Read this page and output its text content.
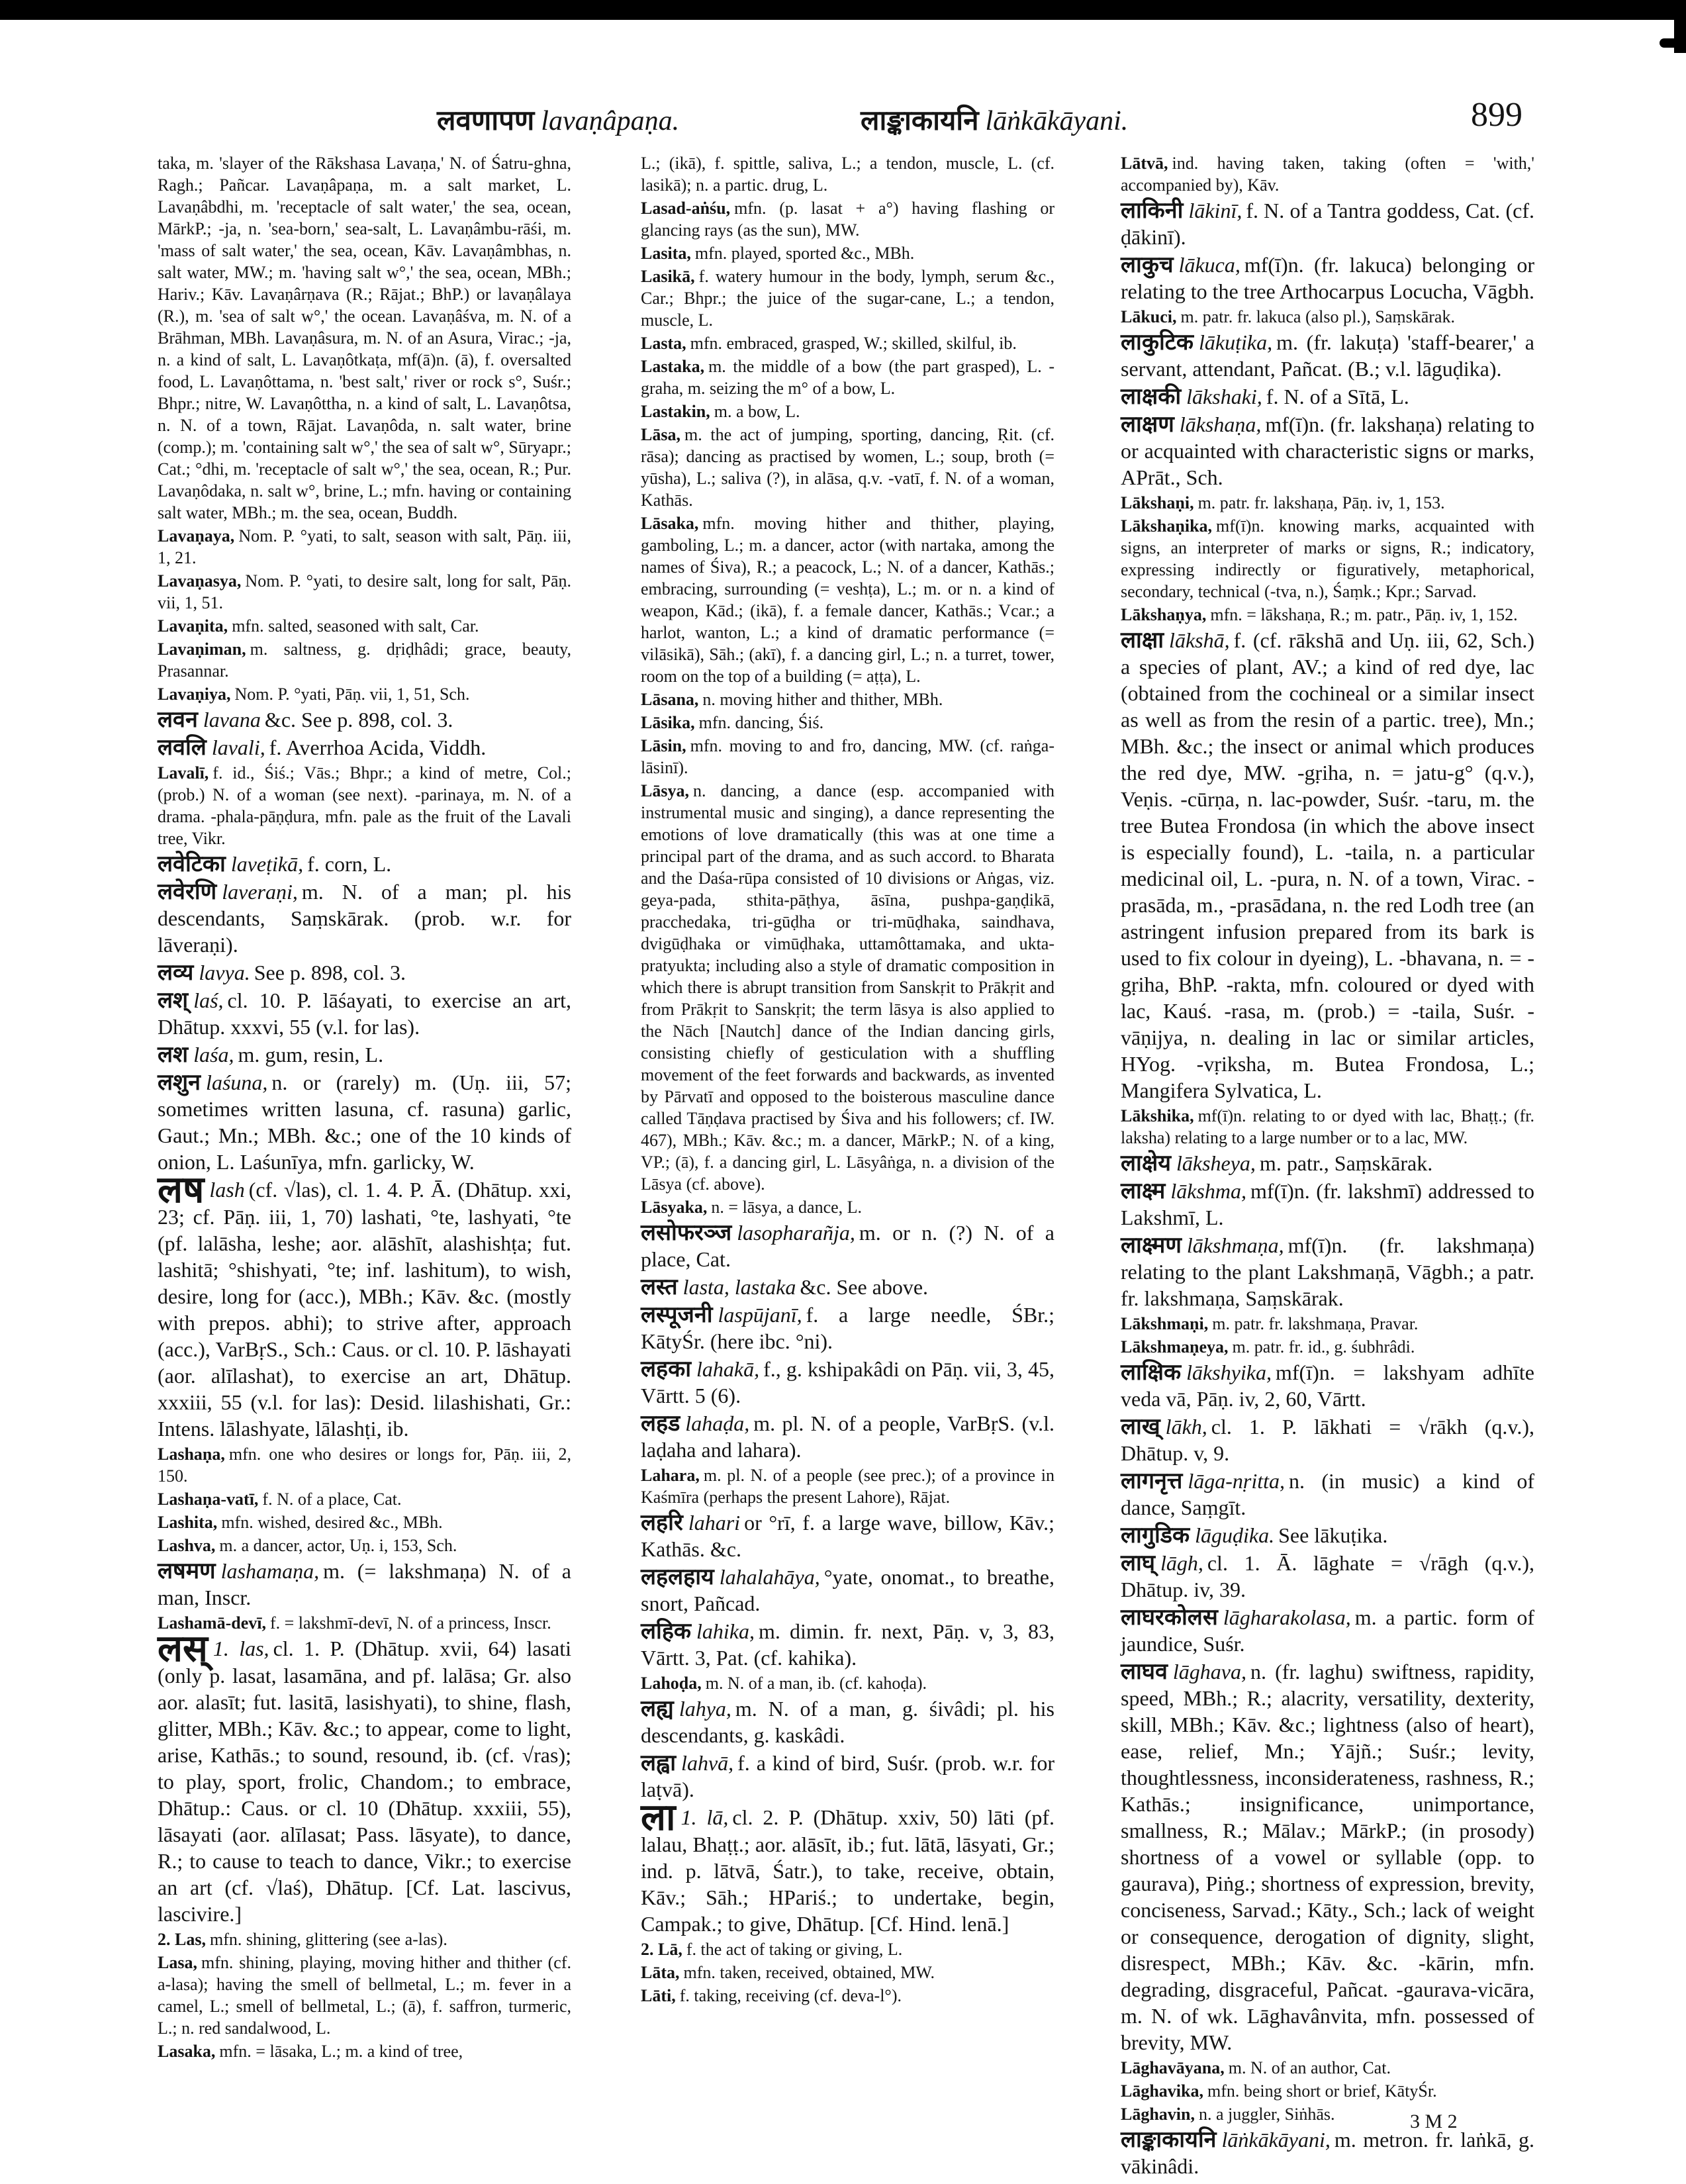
लवणापण lavaṇâpaṇa.	लाङ्काकायनि lāṅkākāyani.	899

taka, m. 'slayer of the Rākshasa Lavaṇa,' N. of Śatru-ghna, Ragh.; Pañcar. Lavaṇâpaṇa, m. a salt market, L. Lavaṇâbdhi, m. 'receptacle of salt water,' the sea, ocean, MārkP.; -ja, n. 'sea-born,' sea-salt, L. Lavaṇâmbu-rāśi, m. 'mass of salt water,' the sea, ocean, Kāv. Lavaṇâmbhas, n. salt water, MW.; m. 'having salt w°,' the sea, ocean, MBh.; Hariv.; Kāv. Lavaṇârṇava (R.; Rājat.; BhP.) or lavaṇâlaya (R.), m. 'sea of salt w°,' the ocean. Lavaṇâśva, m. N. of a Brāhman, MBh. Lavaṇâsura, m. N. of an Asura, Virac.; -ja, n. a kind of salt, L. Lavaṇôtkaṭa, mf(ā)n. (ā), f. oversalted food, L. Lavaṇôttama, n. 'best salt,' river or rock s°, Suśr.; Bhpr.; nitre, W. Lavaṇôttha, n. a kind of salt, L. Lavaṇôtsa, n. N. of a town, Rājat. Lavaṇôda, n. salt water, brine (comp.); m. 'containing salt w°,' the sea of salt w°, Sūryapr.; Cat.; °dhi, m. 'receptacle of salt w°,' the sea, ocean, R.; Pur. Lavaṇôdaka, n. salt w°, brine, L.; mfn. having or containing salt water, MBh.; m. the sea, ocean, Buddh.

Lavaṇaya, Nom. P. °yati, to salt, season with salt, Pāṇ. iii, 1, 21.

Lavaṇasya, Nom. P. °yati, to desire salt, long for salt, Pāṇ. vii, 1, 51.

Lavaṇita, mfn. salted, seasoned with salt, Car.

Lavaṇiman, m. saltness, g. dṛiḍhâdi; grace, beauty, Prasannar.

Lavaṇiya, Nom. P. °yati, Pāṇ. vii, 1, 51, Sch.

लवन lavana &c. See p. 898, col. 3.

लवलि lavali, f. Averrhoa Acida, Viddh.

Lavalī, f. id., Śiś.; Vās.; Bhpr.; a kind of metre, Col.; (prob.) N. of a woman (see next). -parinaya, m. N. of a drama. -phala-pāṇḍura, mfn. pale as the fruit of the Lavali tree, Vikr.

लवेटिका laveṭikā, f. corn, L.

लवेरणि laveraṇi, m. N. of a man; pl. his descendants, Saṃskārak. (prob. w.r. for lāveraṇi).

लव्य lavya. See p. 898, col. 3.

लश् laś, cl. 10. P. lāśayati, to exercise an art, Dhātup. xxxvi, 55 (v.l. for las).

लश laśa, m. gum, resin, L.

लशुन laśuna, n. or (rarely) m. (Uṇ. iii, 57; sometimes written lasuna, cf. rasuna) garlic, Gaut.; Mn.; MBh. &c.; one of the 10 kinds of onion, L. Laśunīya, mfn. garlicky, W.

लष lash (cf. √las), cl. 1. 4. P. Ā. (Dhātup. xxi, 23; cf. Pāṇ. iii, 1, 70) lashati, °te, lashyati, °te (pf. lalāsha, leshe; aor. alāshīt, alashishṭa; fut. lashitā; °shishyati, °te; inf. lashitum), to wish, desire, long for (acc.), MBh.; Kāv. &c. (mostly with prepos. abhi); to strive after, approach (acc.), VarBṛS., Sch.: Caus. or cl. 10. P. lāshayati (aor. alīlashat), to exercise an art, Dhātup. xxxiii, 55 (v.l. for las): Desid. lilashishati, Gr.: Intens. lālashyate, lālashṭi, ib.

Lashaṇa, mfn. one who desires or longs for, Pāṇ. iii, 2, 150.

Lashaṇa-vatī, f. N. of a place, Cat.

Lashita, mfn. wished, desired &c., MBh.

Lashva, m. a dancer, actor, Uṇ. i, 153, Sch.

लषमण lashamaṇa, m. (= lakshmaṇa) N. of a man, Inscr.

Lashamā-devī, f. = lakshmī-devī, N. of a princess, Inscr.

लस् 1. las, cl. 1. P. (Dhātup. xvii, 64) lasati (only p. lasat, lasamāna, and pf. lalāsa; Gr. also aor. alasīt; fut. lasitā, lasishyati), to shine, flash, glitter, MBh.; Kāv. &c.; to appear, come to light, arise, Kathās.; to sound, resound, ib. (cf. √ras); to play, sport, frolic, Chandom.; to embrace, Dhātup.: Caus. or cl. 10 (Dhātup. xxxiii, 55), lāsayati (aor. alīlasat; Pass. lāsyate), to dance, R.; to cause to teach to dance, Vikr.; to exercise an art (cf. √laś), Dhātup. [Cf. Lat. lascivus, lascivire.]

2. Las, mfn. shining, glittering (see a-las).

Lasa, mfn. shining, playing, moving hither and thither (cf. a-lasa); having the smell of bellmetal, L.; m. fever in a camel, L.; smell of bellmetal, L.; (ā), f. saffron, turmeric, L.; n. red sandalwood, L.

Lasaka, mfn. = lāsaka, L.; m. a kind of tree,

L.; (ikā), f. spittle, saliva, L.; a tendon, muscle, L. (cf. lasikā); n. a partic. drug, L.

Lasad-aṅśu, mfn. (p. lasat + a°) having flashing or glancing rays (as the sun), MW.

Lasita, mfn. played, sported &c., MBh.

Lasikā, f. watery humour in the body, lymph, serum &c., Car.; Bhpr.; the juice of the sugar-cane, L.; a tendon, muscle, L.

Lasta, mfn. embraced, grasped, W.; skilled, skilful, ib.

Lastaka, m. the middle of a bow (the part grasped), L. -graha, m. seizing the m° of a bow, L.

Lastakin, m. a bow, L.

Lāsa, m. the act of jumping, sporting, dancing, Ṛit. (cf. rāsa); dancing as practised by women, L.; soup, broth (= yūsha), L.; saliva (?), in alāsa, q.v. -vatī, f. N. of a woman, Kathās.

Lāsaka, mfn. moving hither and thither, playing, gamboling, L.; m. a dancer, actor (with nartaka, among the names of Śiva), R.; a peacock, L.; N. of a dancer, Kathās.; embracing, surrounding (= veshṭa), L.; m. or n. a kind of weapon, Kād.; (ikā), f. a female dancer, Kathās.; Vcar.; a harlot, wanton, L.; a kind of dramatic performance (= vilāsikā), Sāh.; (akī), f. a dancing girl, L.; n. a turret, tower, room on the top of a building (= aṭṭa), L.

Lāsana, n. moving hither and thither, MBh.

Lāsika, mfn. dancing, Śiś.

Lāsin, mfn. moving to and fro, dancing, MW. (cf. raṅga-lāsinī).

Lāsya, n. dancing, a dance (esp. accompanied with instrumental music and singing), a dance representing the emotions of love dramatically (this was at one time a principal part of the drama, and as such accord. to Bharata and the Daśa-rūpa consisted of 10 divisions or Aṅgas, viz. geya-pada, sthita-pāṭhya, āsīna, pushpa-gaṇḍikā, pracchedaka, tri-gūḍha or tri-mūḍhaka, saindhava, dvigūḍhaka or vimūḍhaka, uttamôttamaka, and ukta-pratyukta; including also a style of dramatic composition in which there is abrupt transition from Sanskṛit to Prākṛit and from Prākṛit to Sanskṛit; the term lāsya is also applied to the Nāch [Nautch] dance of the Indian dancing girls, consisting chiefly of gesticulation with a shuffling movement of the feet forwards and backwards, as invented by Pārvatī and opposed to the boisterous masculine dance called Tāṇḍava practised by Śiva and his followers; cf. IW. 467), MBh.; Kāv. &c.; m. a dancer, MārkP.; N. of a king, VP.; (ā), f. a dancing girl, L. Lāsyâṅga, n. a division of the Lāsya (cf. above).

Lāsyaka, n. = lāsya, a dance, L.

लसोफरञ्ज lasopharañja, m. or n. (?) N. of a place, Cat.

लस्त lasta, lastaka &c. See above.

लस्पूजनी laspūjanī, f. a large needle, ŚBr.; KātyŚr. (here ibc. °ni).

लहका lahakā, f., g. kshipakâdi on Pāṇ. vii, 3, 45, Vārtt. 5 (6).

लहड lahaḍa, m. pl. N. of a people, VarBṛS. (v.l. laḍaha and lahara).

Lahara, m. pl. N. of a people (see prec.); of a province in Kaśmīra (perhaps the present Lahore), Rājat.

लहरि lahari or °rī, f. a large wave, billow, Kāv.; Kathās. &c.

लहलहाय lahalahāya, °yate, onomat., to breathe, snort, Pañcad.

लहिक lahika, m. dimin. fr. next, Pāṇ. v, 3, 83, Vārtt. 3, Pat. (cf. kahika).

Lahoḍa, m. N. of a man, ib. (cf. kahoḍa).

लह्य lahya, m. N. of a man, g. śivâdi; pl. his descendants, g. kaskâdi.

लह्वा lahvā, f. a kind of bird, Suśr. (prob. w.r. for laṭvā).

ला 1. lā, cl. 2. P. (Dhātup. xxiv, 50) lāti (pf. lalau, Bhaṭṭ.; aor. alāsīt, ib.; fut. lātā, lāsyati, Gr.; ind. p. lātvā, Śatr.), to take, receive, obtain, Kāv.; Sāh.; HPariś.; to undertake, begin, Campak.; to give, Dhātup. [Cf. Hind. lenā.]

2. Lā, f. the act of taking or giving, L.

Lāta, mfn. taken, received, obtained, MW.

Lāti, f. taking, receiving (cf. deva-l°).

Lātvā, ind. having taken, taking (often = 'with,' accompanied by), Kāv.

लाकिनी lākinī, f. N. of a Tantra goddess, Cat. (cf. ḍākinī).

लाकुच lākuca, mf(ī)n. (fr. lakuca) belonging or relating to the tree Arthocarpus Locucha, Vāgbh.

Lākuci, m. patr. fr. lakuca (also pl.), Saṃskārak.

लाकुटिक lākuṭika, m. (fr. lakuṭa) 'staff-bearer,' a servant, attendant, Pañcat. (B.; v.l. lāguḍika).

लाक्षकी lākshaki, f. N. of a Sītā, L.

लाक्षण lākshaṇa, mf(ī)n. (fr. lakshaṇa) relating to or acquainted with characteristic signs or marks, APrāt., Sch.

Lākshaṇi, m. patr. fr. lakshaṇa, Pāṇ. iv, 1, 153.

Lākshaṇika, mf(ī)n. knowing marks, acquainted with signs, an interpreter of marks or signs, R.; indicatory, expressing indirectly or figuratively, metaphorical, secondary, technical (-tva, n.), Śaṃk.; Kpr.; Sarvad.

Lākshaṇya, mfn. = lākshaṇa, R.; m. patr., Pāṇ. iv, 1, 152.

लाक्षा lākshā, f. (cf. rākshā and Uṇ. iii, 62, Sch.) a species of plant, AV.; a kind of red dye, lac (obtained from the cochineal or a similar insect as well as from the resin of a partic. tree), Mn.; MBh. &c.; the insect or animal which produces the red dye, MW. -gṛiha, n. = jatu-g° (q.v.), Veṇis. -cūrṇa, n. lac-powder, Suśr. -taru, m. the tree Butea Frondosa (in which the above insect is especially found), L. -taila, n. a particular medicinal oil, L. -pura, n. N. of a town, Virac. -prasāda, m., -prasādana, n. the red Lodh tree (an astringent infusion prepared from its bark is used to fix colour in dyeing), L. -bhavana, n. = -gṛiha, BhP. -rakta, mfn. coloured or dyed with lac, Kauś. -rasa, m. (prob.) = -taila, Suśr. -vāṇijya, n. dealing in lac or similar articles, HYog. -vṛiksha, m. Butea Frondosa, L.; Mangifera Sylvatica, L.

Lākshika, mf(ī)n. relating to or dyed with lac, Bhaṭṭ.; (fr. laksha) relating to a large number or to a lac, MW.

लाक्षेय lāksheya, m. patr., Saṃskārak.

लाक्ष्म lākshma, mf(ī)n. (fr. lakshmī) addressed to Lakshmī, L.

लाक्ष्मण lākshmaṇa, mf(ī)n. (fr. lakshmaṇa) relating to the plant Lakshmaṇā, Vāgbh.; a patr. fr. lakshmaṇa, Saṃskārak.

Lākshmaṇi, m. patr. fr. lakshmaṇa, Pravar.

Lākshmaṇeya, m. patr. fr. id., g. śubhrâdi.

लाक्षिक lākshyika, mf(ī)n. = lakshyam adhīte veda vā, Pāṇ. iv, 2, 60, Vārtt.

लाख् lākh, cl. 1. P. lākhati = √rākh (q.v.), Dhātup. v, 9.

लागनृत्त lāga-nṛitta, n. (in music) a kind of dance, Saṃgīt.

लागुडिक lāguḍika. See lākuṭika.

लाघ् lāgh, cl. 1. Ā. lāghate = √rāgh (q.v.), Dhātup. iv, 39.

लाघरकोलस lāgharakolasa, m. a partic. form of jaundice, Suśr.

लाघव lāghava, n. (fr. laghu) swiftness, rapidity, speed, MBh.; R.; alacrity, versatility, dexterity, skill, MBh.; Kāv. &c.; lightness (also of heart), ease, relief, Mn.; Yājñ.; Suśr.; levity, thoughtlessness, inconsiderateness, rashness, R.; Kathās.; insignificance, unimportance, smallness, R.; Mālav.; MārkP.; (in prosody) shortness of a vowel or syllable (opp. to gaurava), Piṅg.; shortness of expression, brevity, conciseness, Sarvad.; Kāty., Sch.; lack of weight or consequence, derogation of dignity, slight, disrespect, MBh.; Kāv. &c. -kārin, mfn. degrading, disgraceful, Pañcat. -gaurava-vicāra, m. N. of wk. Lāghavânvita, mfn. possessed of brevity, MW.

Lāghavāyana, m. N. of an author, Cat.

Lāghavika, mfn. being short or brief, KātyŚr.

Lāghavin, n. a juggler, Siṅhās.

लाङ्काकायनि lāṅkākāyani, m. metron. fr. laṅkā, g. vākinâdi.

3 M 2
